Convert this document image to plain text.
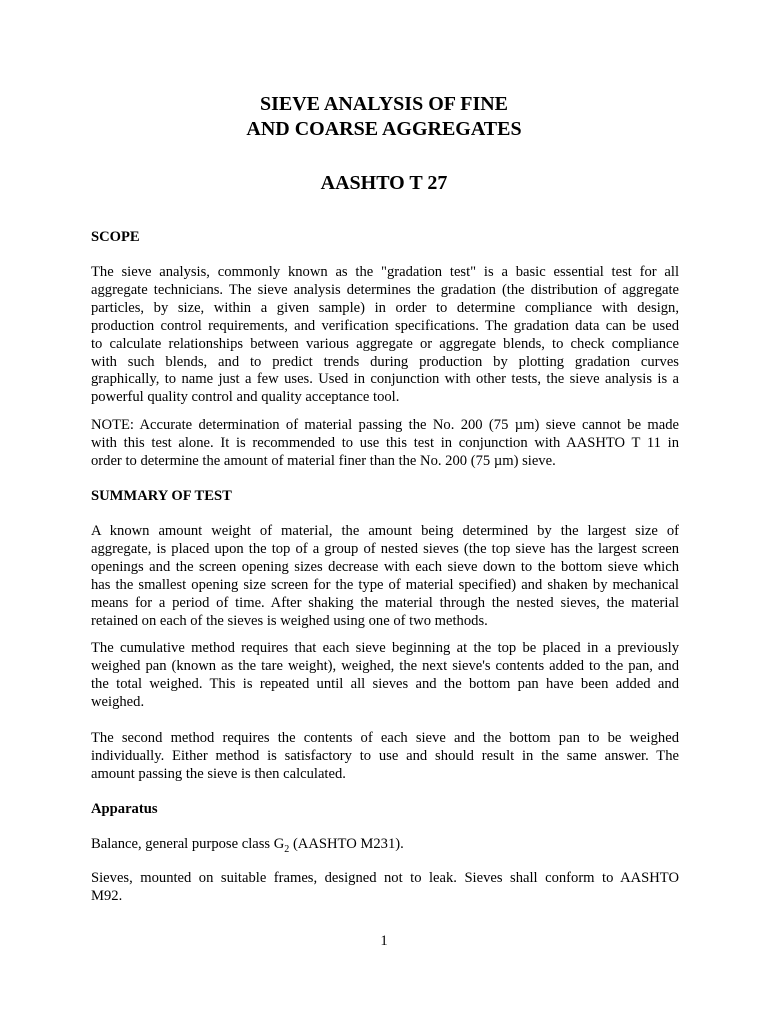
SIEVE ANALYSIS OF FINE
AND COARSE AGGREGATES
AASHTO T 27
SCOPE
The sieve analysis, commonly known as the "gradation test" is a basic essential test for all
aggregate technicians. The sieve analysis determines the gradation (the distribution of aggregate
particles, by size, within a given sample) in order to determine compliance with design,
production control requirements, and verification specifications. The gradation data can be used
to calculate relationships between various aggregate or aggregate blends, to check compliance
with such blends, and to predict trends during production by plotting gradation curves
graphically, to name just a few uses. Used in conjunction with other tests, the sieve analysis is a
powerful quality control and quality acceptance tool.
NOTE: Accurate determination of material passing the No. 200 (75 µm) sieve cannot be made
with this test alone. It is recommended to use this test in conjunction with AASHTO T 11 in
order to determine the amount of material finer than the No. 200 (75 µm) sieve.
SUMMARY OF TEST
A known amount weight of material, the amount being determined by the largest size of
aggregate, is placed upon the top of a group of nested sieves (the top sieve has the largest screen
openings and the screen opening sizes decrease with each sieve down to the bottom sieve which
has the smallest opening size screen for the type of material specified) and shaken by mechanical
means for a period of time. After shaking the material through the nested sieves, the material
retained on each of the sieves is weighed using one of two methods.
The cumulative method requires that each sieve beginning at the top be placed in a previously
weighed pan (known as the tare weight), weighed, the next sieve's contents added to the pan, and
the total weighed. This is repeated until all sieves and the bottom pan have been added and
weighed.
The second method requires the contents of each sieve and the bottom pan to be weighed
individually. Either method is satisfactory to use and should result in the same answer. The
amount passing the sieve is then calculated.
Apparatus
Balance, general purpose class $G_2$ (AASHTO M231).
Sieves, mounted on suitable frames, designed not to leak. Sieves shall conform to AASHTO
M92.
1
